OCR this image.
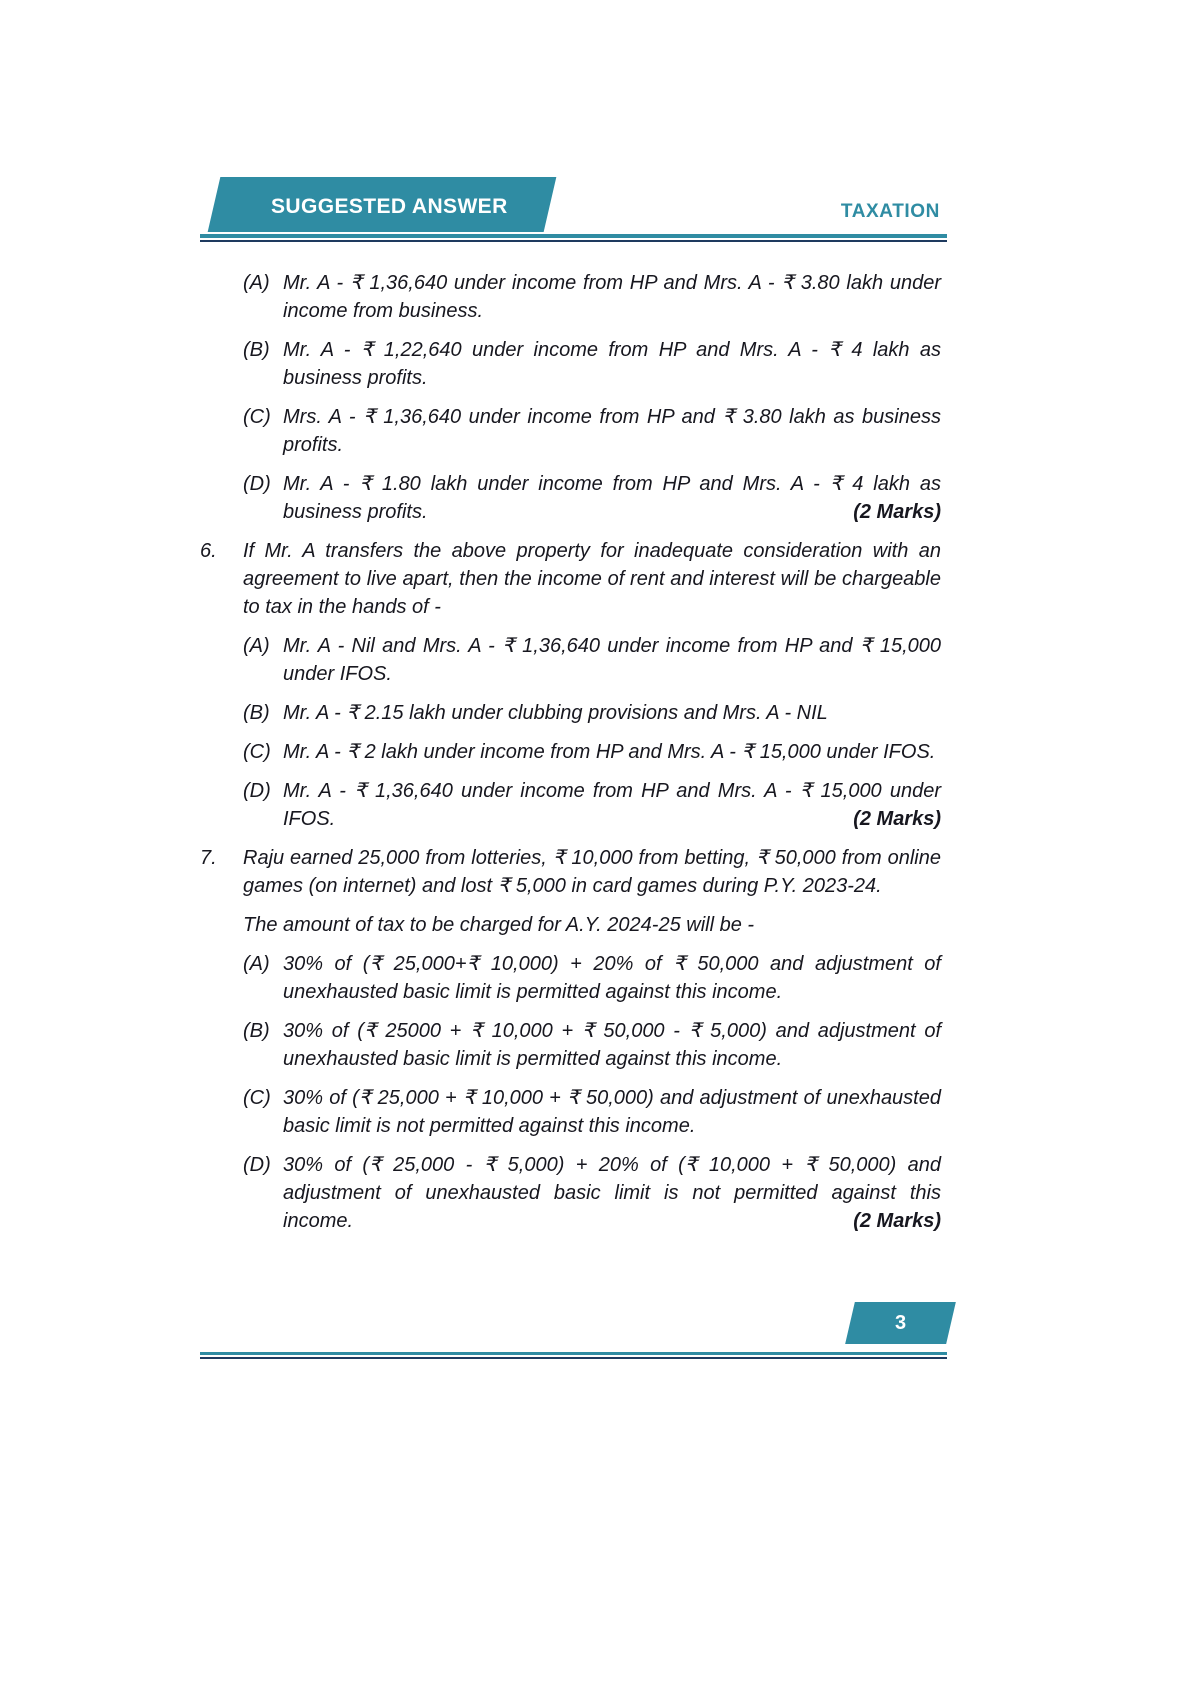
SUGGESTED ANSWER	TAXATION
(A) Mr. A - ₹ 1,36,640 under income from HP and Mrs. A - ₹ 3.80 lakh under income from business.

(B) Mr. A - ₹ 1,22,640 under income from HP and Mrs. A - ₹ 4 lakh as business profits.

(C) Mrs. A - ₹ 1,36,640 under income from HP and ₹ 3.80 lakh as business profits.

(D) Mr. A - ₹ 1.80 lakh under income from HP and Mrs. A - ₹ 4 lakh as business profits.	(2 Marks)
6.	If Mr. A transfers the above property for inadequate consideration with an agreement to live apart, then the income of rent and interest will be chargeable to tax in the hands of -

(A) Mr. A - Nil and Mrs. A - ₹ 1,36,640 under income from HP and ₹ 15,000 under IFOS.

(B) Mr. A - ₹ 2.15 lakh under clubbing provisions and Mrs. A - NIL

(C) Mr. A - ₹ 2 lakh under income from HP and Mrs. A - ₹ 15,000 under IFOS.

(D) Mr. A - ₹ 1,36,640 under income from HP and Mrs. A - ₹ 15,000 under IFOS.	(2 Marks)
7.	Raju earned 25,000 from lotteries, ₹ 10,000 from betting, ₹ 50,000 from online games (on internet) and lost ₹ 5,000 in card games during P.Y. 2023-24.

The amount of tax to be charged for A.Y. 2024-25 will be -

(A) 30% of (₹ 25,000+₹ 10,000) + 20% of ₹ 50,000 and adjustment of unexhausted basic limit is permitted against this income.

(B) 30% of (₹ 25000 + ₹ 10,000 + ₹ 50,000 - ₹ 5,000) and adjustment of unexhausted basic limit is permitted against this income.

(C) 30% of (₹ 25,000 + ₹ 10,000 + ₹ 50,000) and adjustment of unexhausted basic limit is not permitted against this income.

(D) 30% of (₹ 25,000 - ₹ 5,000) + 20% of (₹ 10,000 + ₹ 50,000) and adjustment of unexhausted basic limit is not permitted against this income.	(2 Marks)
3
